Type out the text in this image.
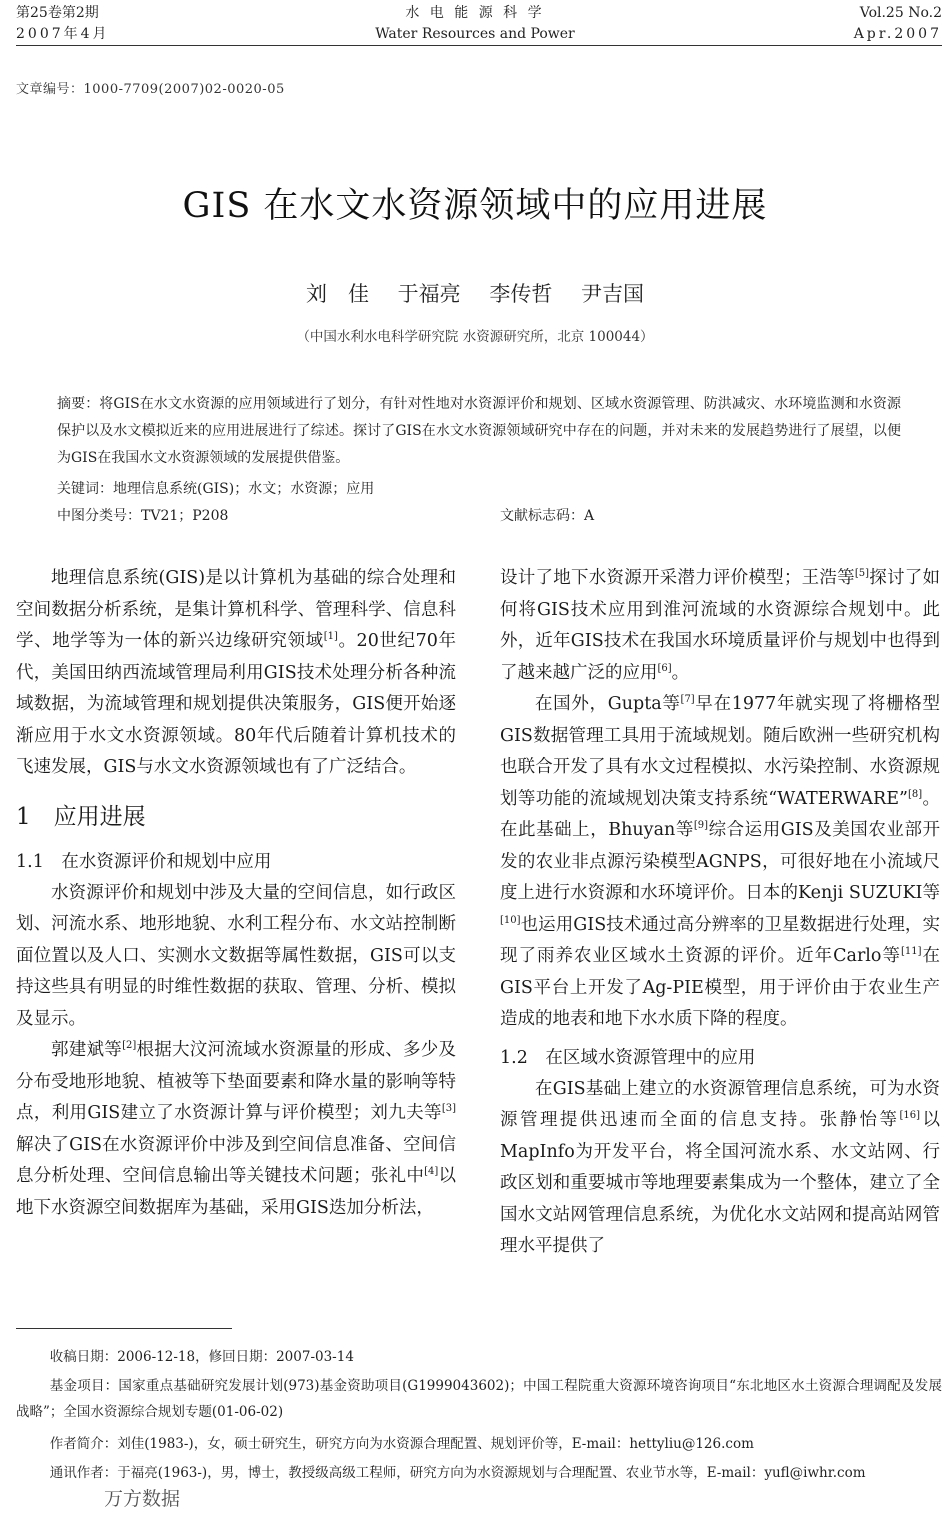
第25卷第2期
2007年4月
水 电 能 源 科 学
Water Resources and Power
Vol.25 No.2
Apr.2007
文章编号：1000-7709(2007)02-0020-05
GIS 在水文水资源领域中的应用进展
刘　佳 于福亮 李传哲 尹吉国
（中国水利水电科学研究院 水资源研究所，北京 100044）
摘要：将GIS在水文水资源的应用领域进行了划分，有针对性地对水资源评价和规划、区域水资源管理、防洪减灾、水环境监测和水资源保护以及水文模拟近来的应用进展进行了综述。探讨了GIS在水文水资源领域研究中存在的问题，并对未来的发展趋势进行了展望，以便为GIS在我国水文水资源领域的发展提供借鉴。
关键词：地理信息系统(GIS)；水文；水资源；应用
中图分类号：TV21；P208	文献标志码：A

地理信息系统(GIS)是以计算机为基础的综合处理和空间数据分析系统，是集计算机科学、管理科学、信息科学、地学等为一体的新兴边缘研究领域[1]。20世纪70年代，美国田纳西流域管理局利用GIS技术处理分析各种流域数据，为流域管理和规划提供决策服务，GIS便开始逐渐应用于水文水资源领域。80年代后随着计算机技术的飞速发展，GIS与水文水资源领域也有了广泛结合。

1　应用进展
1.1　在水资源评价和规划中应用

水资源评价和规划中涉及大量的空间信息，如行政区划、河流水系、地形地貌、水利工程分布、水文站控制断面位置以及人口、实测水文数据等属性数据，GIS可以支持这些具有明显的时维性数据的获取、管理、分析、模拟及显示。

郭建斌等[2]根据大汶河流域水资源量的形成、多少及分布受地形地貌、植被等下垫面要素和降水量的影响等特点，利用GIS建立了水资源计算与评价模型；刘九夫等[3]解决了GIS在水资源评价中涉及到空间信息准备、空间信息分析处理、空间信息输出等关键技术问题；张礼中[4]以地下水资源空间数据库为基础，采用GIS迭加分析法，

设计了地下水资源开采潜力评价模型；王浩等[5]探讨了如何将GIS技术应用到淮河流域的水资源综合规划中。此外，近年GIS技术在我国水环境质量评价与规划中也得到了越来越广泛的应用[6]。

在国外，Gupta等[7]早在1977年就实现了将栅格型GIS数据管理工具用于流域规划。随后欧洲一些研究机构也联合开发了具有水文过程模拟、水污染控制、水资源规划等功能的流域规划决策支持系统“WATERWARE”[8]。在此基础上，Bhuyan等[9]综合运用GIS及美国农业部开发的农业非点源污染模型AGNPS，可很好地在小流域尺度上进行水资源和水环境评价。日本的Kenji SUZUKI等[10]也运用GIS技术通过高分辨率的卫星数据进行处理，实现了雨养农业区域水土资源的评价。近年Carlo等[11]在GIS平台上开发了Ag-PIE模型，用于评价由于农业生产造成的地表和地下水水质下降的程度。

1.2　在区域水资源管理中的应用

在GIS基础上建立的水资源管理信息系统，可为水资源管理提供迅速而全面的信息支持。张静怡等[16]以MapInfo为开发平台，将全国河流水系、水文站网、行政区划和重要城市等地理要素集成为一个整体，建立了全国水文站网管理信息系统，为优化水文站网和提高站网管理水平提供了

收稿日期：2006-12-18，修回日期：2007-03-14
基金项目：国家重点基础研究发展计划(973)基金资助项目(G1999043602)；中国工程院重大资源环境咨询项目“东北地区水土资源合理调配及发展战略”；全国水资源综合规划专题(01-06-02)
作者简介：刘佳(1983-)，女，硕士研究生，研究方向为水资源合理配置、规划评价等，E-mail：hettyliu@126.com
通讯作者：于福亮(1963-)，男，博士，教授级高级工程师，研究方向为水资源规划与合理配置、农业节水等，E-mail：yufl@iwhr.com
万方数据
